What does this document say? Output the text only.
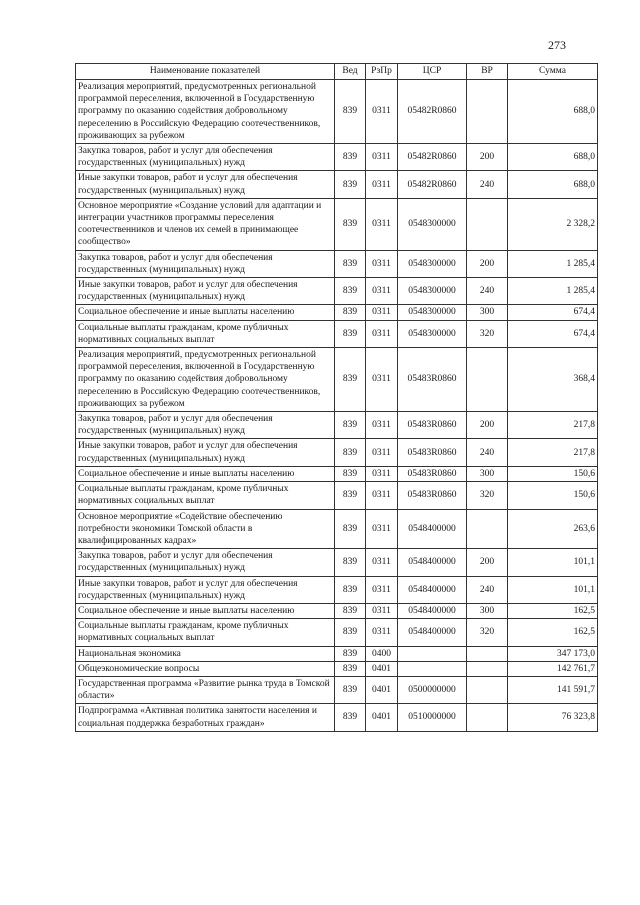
273
Наименование показателей	Вед	РзПр	ЦСР	ВР	Сумма
Реализация мероприятий, предусмотренных региональной программой переселения, включенной в Государственную программу по оказанию содействия добровольному переселению в Российскую Федерацию соотечественников, проживающих за рубежом	839	0311	05482R0860		688,0
Закупка товаров, работ и услуг для обеспечения государственных (муниципальных) нужд	839	0311	05482R0860	200	688,0
Иные закупки товаров, работ и услуг для обеспечения государственных (муниципальных) нужд	839	0311	05482R0860	240	688,0
Основное мероприятие «Создание условий для адаптации и интеграции участников программы переселения соотечественников и членов их семей в принимающее сообщество»	839	0311	0548300000		2 328,2
Закупка товаров, работ и услуг для обеспечения государственных (муниципальных) нужд	839	0311	0548300000	200	1 285,4
Иные закупки товаров, работ и услуг для обеспечения государственных (муниципальных) нужд	839	0311	0548300000	240	1 285,4
Социальное обеспечение и иные выплаты населению	839	0311	0548300000	300	674,4
Социальные выплаты гражданам, кроме публичных нормативных социальных выплат	839	0311	0548300000	320	674,4
Реализация мероприятий, предусмотренных региональной программой переселения, включенной в Государственную программу по оказанию содействия добровольному переселению в Российскую Федерацию соотечественников, проживающих за рубежом	839	0311	05483R0860		368,4
Закупка товаров, работ и услуг для обеспечения государственных (муниципальных) нужд	839	0311	05483R0860	200	217,8
Иные закупки товаров, работ и услуг для обеспечения государственных (муниципальных) нужд	839	0311	05483R0860	240	217,8
Социальное обеспечение и иные выплаты населению	839	0311	05483R0860	300	150,6
Социальные выплаты гражданам, кроме публичных нормативных социальных выплат	839	0311	05483R0860	320	150,6
Основное мероприятие «Содействие обеспечению потребности экономики Томской области в квалифицированных кадрах»	839	0311	0548400000		263,6
Закупка товаров, работ и услуг для обеспечения государственных (муниципальных) нужд	839	0311	0548400000	200	101,1
Иные закупки товаров, работ и услуг для обеспечения государственных (муниципальных) нужд	839	0311	0548400000	240	101,1
Социальное обеспечение и иные выплаты населению	839	0311	0548400000	300	162,5
Социальные выплаты гражданам, кроме публичных нормативных социальных выплат	839	0311	0548400000	320	162,5
Национальная экономика	839	0400			347 173,0
Общеэкономические вопросы	839	0401			142 761,7
Государственная программа «Развитие рынка труда в Томской области»	839	0401	0500000000		141 591,7
Подпрограмма «Активная политика занятости населения и социальная поддержка безработных граждан»	839	0401	0510000000		76 323,8
